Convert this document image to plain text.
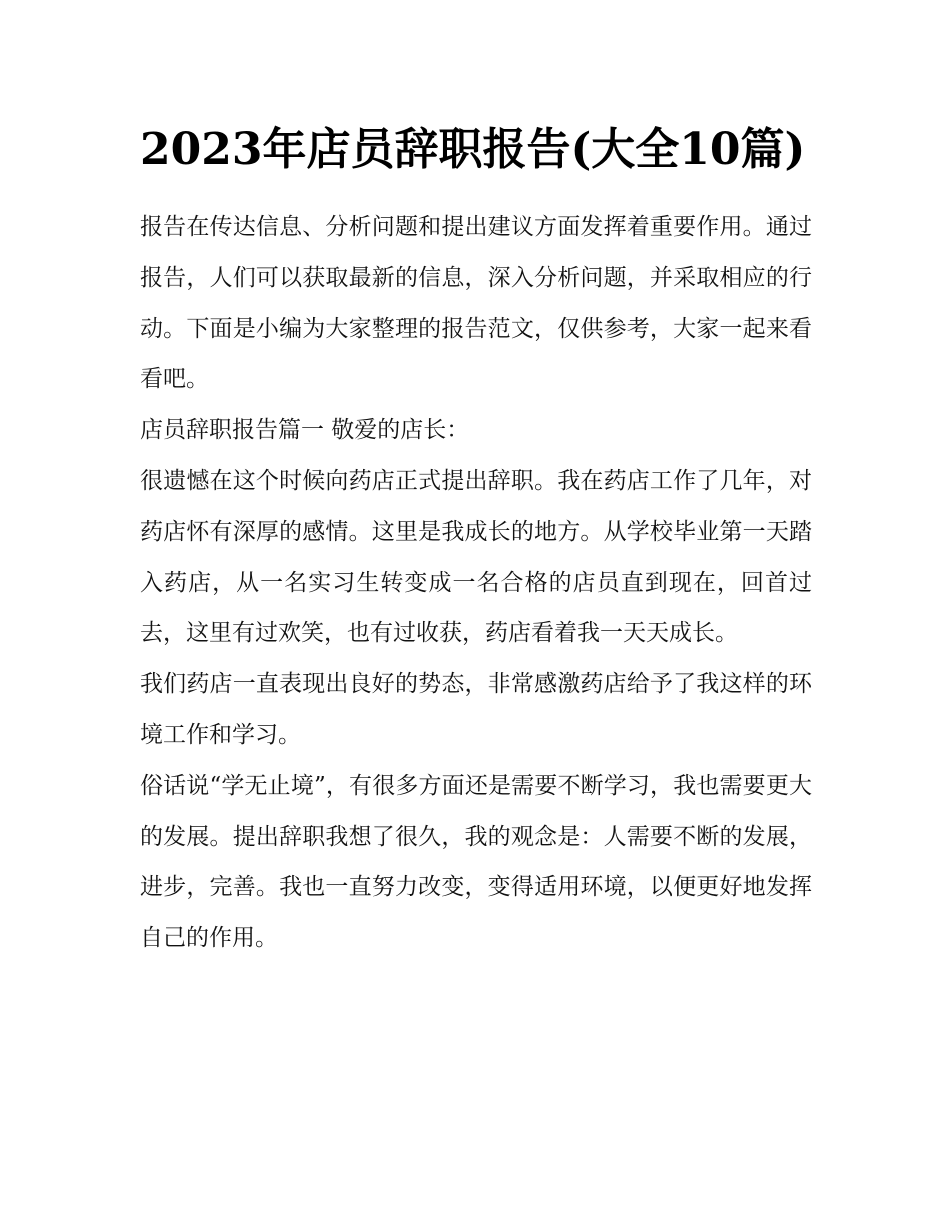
2023年店员辞职报告(大全10篇)

报告在传达信息、分析问题和提出建议方面发挥着重要作用。通过报告，人们可以获取最新的信息，深入分析问题，并采取相应的行动。下面是小编为大家整理的报告范文，仅供参考，大家一起来看看吧。

店员辞职报告篇一 敬爱的店长：

很遗憾在这个时候向药店正式提出辞职。我在药店工作了几年，对药店怀有深厚的感情。这里是我成长的地方。从学校毕业第一天踏入药店，从一名实习生转变成一名合格的店员直到现在，回首过去，这里有过欢笑，也有过收获，药店看着我一天天成长。

我们药店一直表现出良好的势态，非常感激药店给予了我这样的环境工作和学习。

俗话说“学无止境”，有很多方面还是需要不断学习，我也需要更大的发展。提出辞职我想了很久，我的观念是：人需要不断的发展，进步，完善。我也一直努力改变，变得适用环境，以便更好地发挥自己的作用。
